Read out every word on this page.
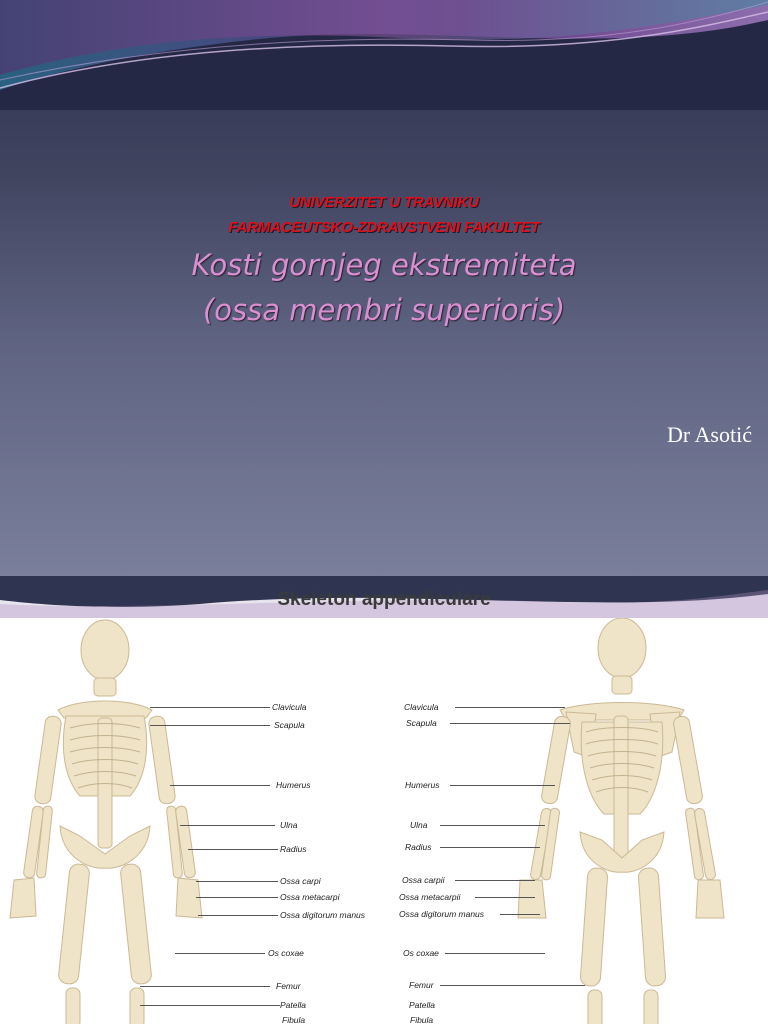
UNIVERZITET U TRAVNIKU
FARMACEUTSKO-ZDRAVSTVENI FAKULTET
Kosti gornjeg ekstremiteta
(ossa membri superioris)
Dr Asotić
Skeleton appendiculare
Clavicula
Scapula
Humerus
Ulna
Radius
Ossa carpi
Ossa metacarpi
Ossa digitorum manus
Os coxae
Femur
Patella
Fibula
Clavicula
Scapula
Humerus
Ulna
Radius
Ossa carpii
Ossa metacarpii
Ossa digitorum manus
Os coxae
Femur
Patella
Fibula
